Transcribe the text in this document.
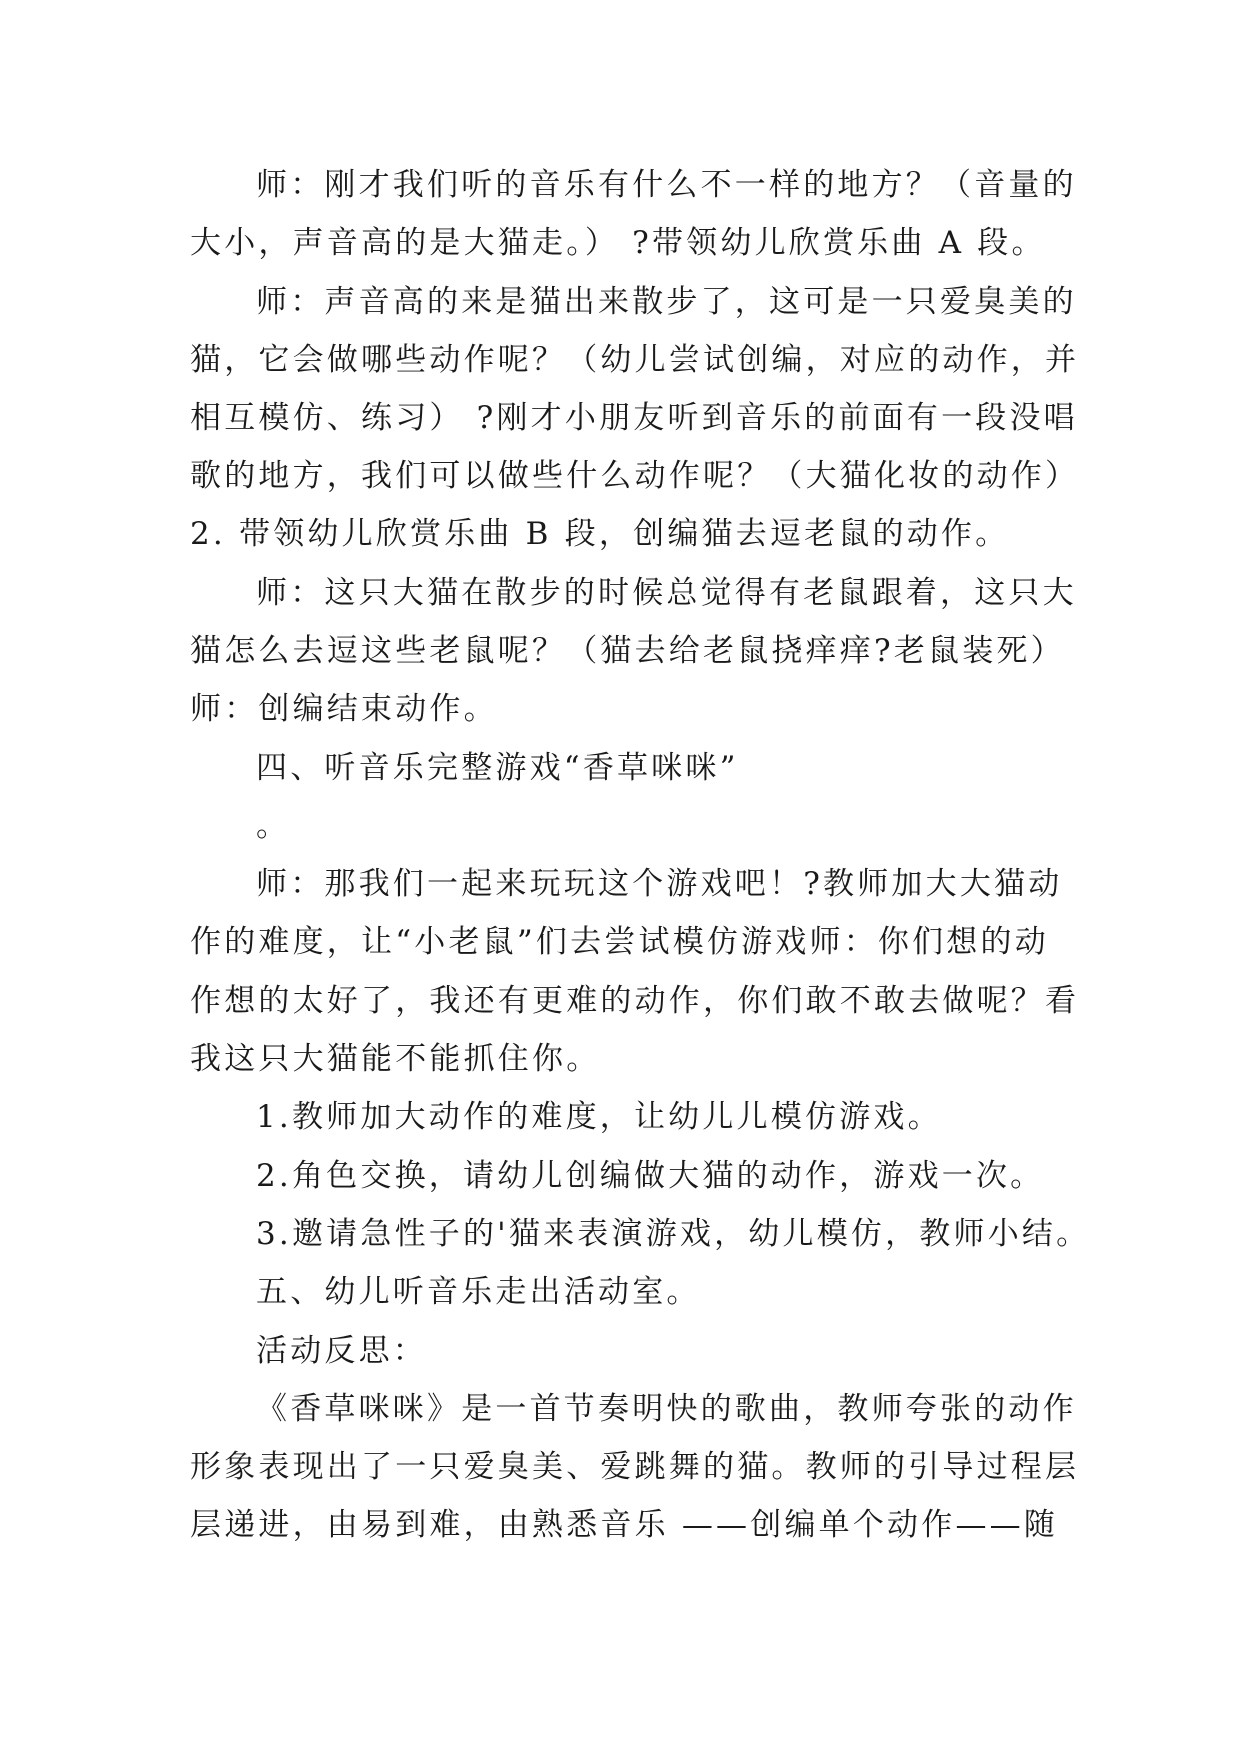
师：刚才我们听的音乐有什么不一样的地方？（音量的
大小，声音高的是大猫走。） ?带领幼儿欣赏乐曲 A 段。
师：声音高的来是猫出来散步了，这可是一只爱臭美的
猫，它会做哪些动作呢？（幼儿尝试创编，对应的动作，并
相互模仿、练习） ?刚才小朋友听到音乐的前面有一段没唱
歌的地方，我们可以做些什么动作呢？（大猫化妆的动作）
2. 带领幼儿欣赏乐曲 B 段，创编猫去逗老鼠的动作。
师：这只大猫在散步的时候总觉得有老鼠跟着，这只大
猫怎么去逗这些老鼠呢？（猫去给老鼠挠痒痒?老鼠装死）
师：创编结束动作。
四、听音乐完整游戏“香草咪咪”
。
师：那我们一起来玩玩这个游戏吧！?教师加大大猫动
作的难度，让“小老鼠”们去尝试模仿游戏师：你们想的动
作想的太好了，我还有更难的动作，你们敢不敢去做呢？看
我这只大猫能不能抓住你。
1.教师加大动作的难度，让幼儿儿模仿游戏。
2.角色交换，请幼儿创编做大猫的动作，游戏一次。
3.邀请急性子的'猫来表演游戏，幼儿模仿，教师小结。
五、幼儿听音乐走出活动室。
活动反思：
《香草咪咪》是一首节奏明快的歌曲，教师夸张的动作
形象表现出了一只爱臭美、爱跳舞的猫。教师的引导过程层
层递进，由易到难，由熟悉音乐 ——创编单个动作——随
